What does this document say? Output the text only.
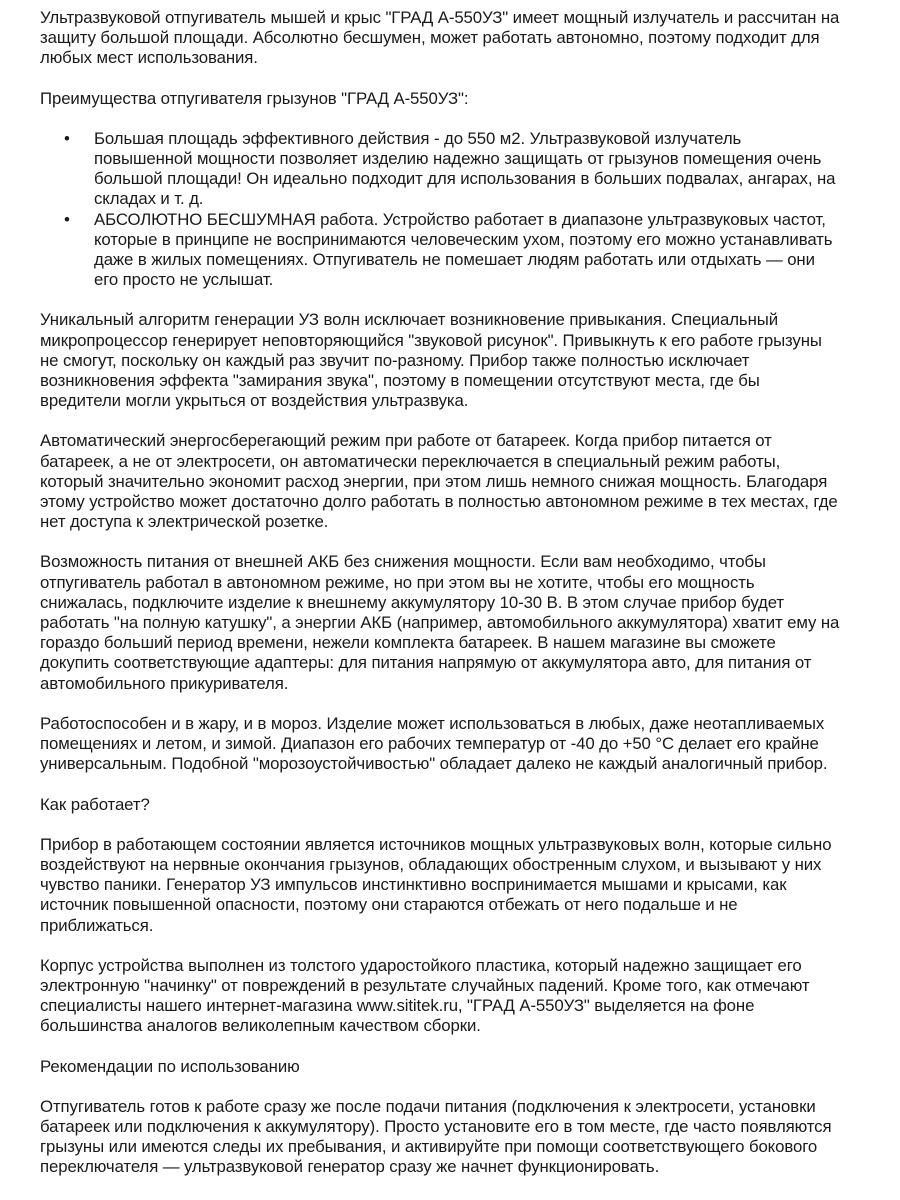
Ультразвуковой отпугиватель мышей и крыс "ГРАД А-550УЗ" имеет мощный излучатель и рассчитан на защиту большой площади. Абсолютно бесшумен, может работать автономно, поэтому подходит для любых мест использования.

Преимущества отпугивателя грызунов "ГРАД А-550УЗ":

• Большая площадь эффективного действия - до 550 м2. Ультразвуковой излучатель повышенной мощности позволяет изделию надежно защищать от грызунов помещения очень большой площади! Он идеально подходит для использования в больших подвалах, ангарах, на складах и т. д.
• АБСОЛЮТНО БЕСШУМНАЯ работа. Устройство работает в диапазоне ультразвуковых частот, которые в принципе не воспринимаются человеческим ухом, поэтому его можно устанавливать даже в жилых помещениях. Отпугиватель не помешает людям работать или отдыхать — они его просто не услышат.

Уникальный алгоритм генерации УЗ волн исключает возникновение привыкания. Специальный микропроцессор генерирует неповторяющийся "звуковой рисунок". Привыкнуть к его работе грызуны не смогут, поскольку он каждый раз звучит по-разному. Прибор также полностью исключает возникновения эффекта "замирания звука", поэтому в помещении отсутствуют места, где бы вредители могли укрыться от воздействия ультразвука.

Автоматический энергосберегающий режим при работе от батареек. Когда прибор питается от батареек, а не от электросети, он автоматически переключается в специальный режим работы, который значительно экономит расход энергии, при этом лишь немного снижая мощность. Благодаря этому устройство может достаточно долго работать в полностью автономном режиме в тех местах, где нет доступа к электрической розетке.

Возможность питания от внешней АКБ без снижения мощности. Если вам необходимо, чтобы отпугиватель работал в автономном режиме, но при этом вы не хотите, чтобы его мощность снижалась, подключите изделие к внешнему аккумулятору 10-30 В. В этом случае прибор будет работать "на полную катушку", а энергии АКБ (например, автомобильного аккумулятора) хватит ему на гораздо больший период времени, нежели комплекта батареек. В нашем магазине вы сможете докупить соответствующие адаптеры: для питания напрямую от аккумулятора авто, для питания от автомобильного прикуривателя.

Работоспособен и в жару, и в мороз. Изделие может использоваться в любых, даже неотапливаемых помещениях и летом, и зимой. Диапазон его рабочих температур от -40 до +50 °С делает его крайне универсальным. Подобной "морозоустойчивостью" обладает далеко не каждый аналогичный прибор.

Как работает?

Прибор в работающем состоянии является источников мощных ультразвуковых волн, которые сильно воздействуют на нервные окончания грызунов, обладающих обостренным слухом, и вызывают у них чувство паники. Генератор УЗ импульсов инстинктивно воспринимается мышами и крысами, как источник повышенной опасности, поэтому они стараются отбежать от него подальше и не приближаться.

Корпус устройства выполнен из толстого ударостойкого пластика, который надежно защищает его электронную "начинку" от повреждений в результате случайных падений. Кроме того, как отмечают специалисты нашего интернет-магазина www.sititek.ru, "ГРАД А-550УЗ" выделяется на фоне большинства аналогов великолепным качеством сборки.

Рекомендации по использованию

Отпугиватель готов к работе сразу же после подачи питания (подключения к электросети, установки батареек или подключения к аккумулятору). Просто установите его в том месте, где часто появляются грызуны или имеются следы их пребывания, и активируйте при помощи соответствующего бокового переключателя — ультразвуковой генератор сразу же начнет функционировать.
